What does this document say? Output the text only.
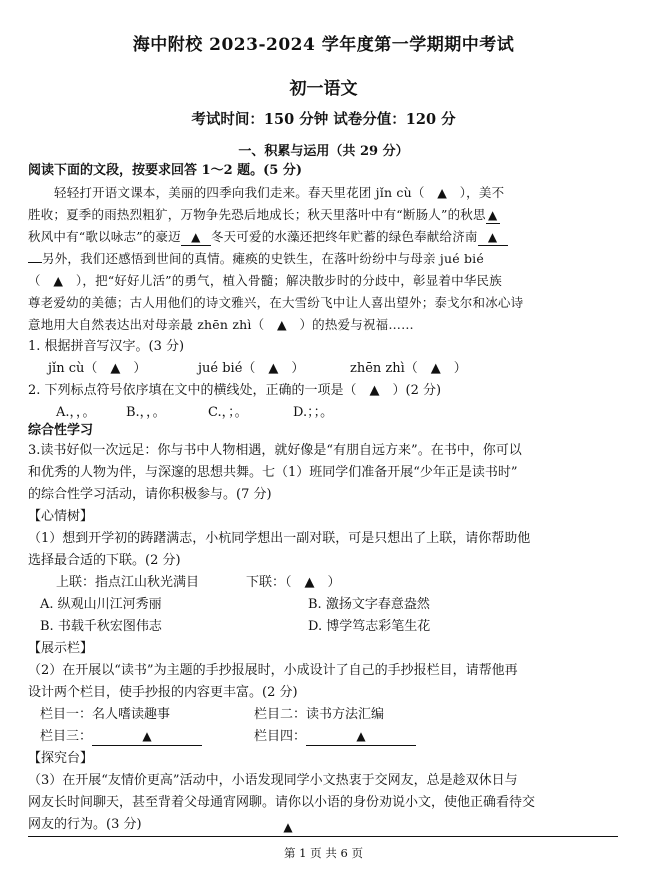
海中附校 2023-2024 学年度第一学期期中考试
初一语文
考试时间：150 分钟 试卷分值：120 分
一、积累与运用（共 29 分）
阅读下面的文段，按要求回答 1～2 题。(5 分)
轻轻打开语文课本，美丽的四季向我们走来。春天里花团 jǐn cù（　▲　），美不
胜收；夏季的雨热烈粗犷，万物争先恐后地成长；秋天里落叶中有“断肠人”的秋思 ▲
秋风中有“歌以咏志”的豪迈 ▲ 冬天可爱的水藻还把终年贮蓄的绿色奉献给济南 ▲
另外，我们还感悟到世间的真情。瘫痪的史铁生，在落叶纷纷中与母亲 jué bié
（　▲　），把“好好儿活”的勇气，植入骨髓；解决散步时的分歧中，彰显着中华民族
尊老爱幼的美德；古人用他们的诗文雅兴，在大雪纷飞中让人喜出望外；泰戈尔和冰心诗
意地用大自然表达出对母亲最 zhēn zhì（　▲　）的热爱与祝福……
1. 根据拼音写汉字。(3 分)
jǐn cù（　▲　）	jué bié（　▲　）	zhēn zhì（　▲　）
2. 下列标点符号依序填在文中的横线处，正确的一项是（　▲　）(2 分)
A.，，。 B.，，。	C.，；。	D.；；。
综合性学习
3.读书好似一次远足：你与书中人物相遇，就好像是“有朋自远方来”。在书中，你可以
和优秀的人物为伴，与深邃的思想共舞。七（1）班同学们准备开展“少年正是读书时”
的综合性学习活动，请你积极参与。(7 分)
【心情树】
（1）想到开学初的踌躇满志，小杭同学想出一副对联，可是只想出了上联，请你帮助他
选择最合适的下联。(2 分)
上联：指点江山秋光满目	下联：（　▲　）
A. 纵观山川江河秀丽	B. 激扬文字春意盎然
B. 书载千秋宏图伟志	D. 博学笃志彩笔生花
【展示栏】
（2）在开展以“读书”为主题的手抄报展时，小成设计了自己的手抄报栏目，请帮他再
设计两个栏目，使手抄报的内容更丰富。(2 分)
栏目一：名人嗜读趣事	栏目二：读书方法汇编
栏目三：	▲	栏目四：	▲
【探究台】
（3）在开展“友情价更高”活动中，小语发现同学小文热衷于交网友，总是趁双休日与
网友长时间聊天，甚至背着父母通宵网聊。请你以小语的身份劝说小文，使他正确看待交
网友的行为。(3 分)	▲
第 1 页 共 6 页
